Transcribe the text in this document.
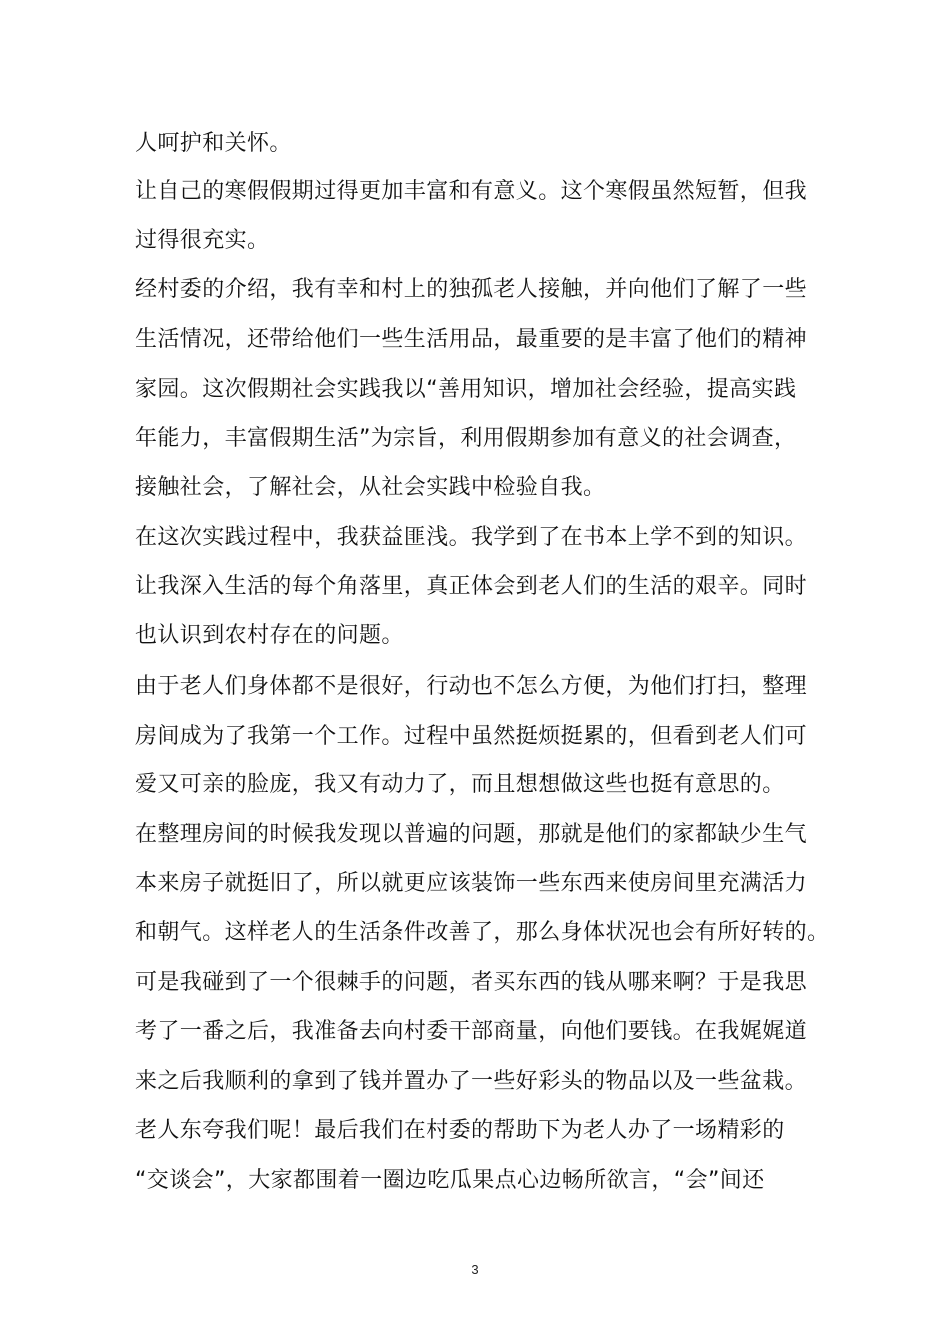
人呵护和关怀。
让自己的寒假假期过得更加丰富和有意义。这个寒假虽然短暂，但我
过得很充实。
经村委的介绍，我有幸和村上的独孤老人接触，并向他们了解了一些
生活情况，还带给他们一些生活用品，最重要的是丰富了他们的精神
家园。这次假期社会实践我以“善用知识，增加社会经验，提高实践
年能力，丰富假期生活”为宗旨，利用假期参加有意义的社会调查，
接触社会，了解社会，从社会实践中检验自我。
在这次实践过程中，我获益匪浅。我学到了在书本上学不到的知识。
让我深入生活的每个角落里，真正体会到老人们的生活的艰辛。同时
也认识到农村存在的问题。
由于老人们身体都不是很好，行动也不怎么方便，为他们打扫，整理
房间成为了我第一个工作。过程中虽然挺烦挺累的，但看到老人们可
爱又可亲的脸庞，我又有动力了，而且想想做这些也挺有意思的。
在整理房间的时候我发现以普遍的问题，那就是他们的家都缺少生气
本来房子就挺旧了，所以就更应该装饰一些东西来使房间里充满活力
和朝气。这样老人的生活条件改善了，那么身体状况也会有所好转的。
可是我碰到了一个很棘手的问题，者买东西的钱从哪来啊？于是我思
考了一番之后，我准备去向村委干部商量，向他们要钱。在我娓娓道
来之后我顺利的拿到了钱并置办了一些好彩头的物品以及一些盆栽。
老人东夸我们呢！最后我们在村委的帮助下为老人办了一场精彩的
“交谈会”，大家都围着一圈边吃瓜果点心边畅所欲言，“会”间还
3
